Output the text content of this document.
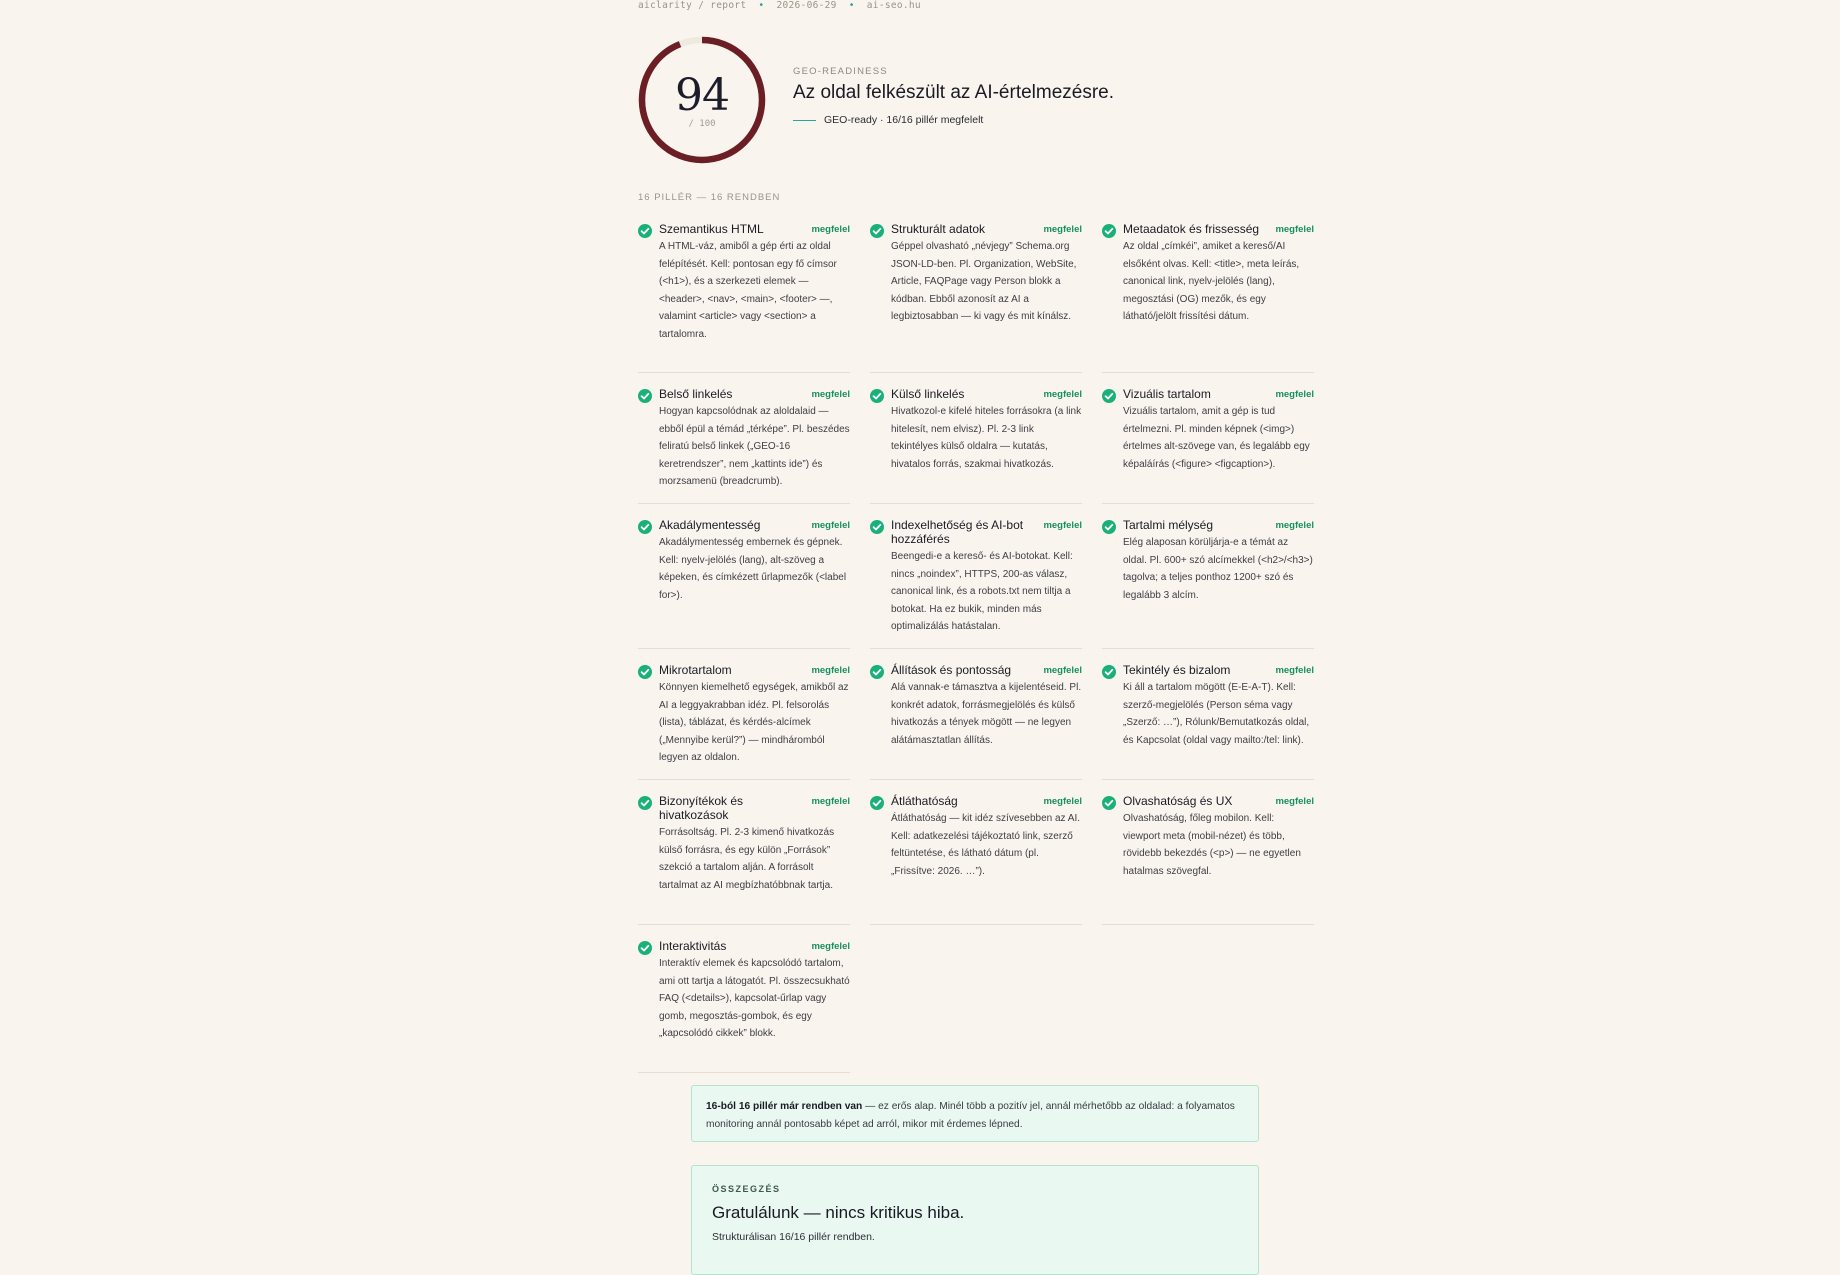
aiclarity / report • 2026-06-29 • ai-seo.hu
94
/ 100
GEO-READINESS
Az oldal felkészült az AI-értelmezésre.
GEO-ready · 16/16 pillér megfelelt
16 PILLÉR — 16 RENDBEN
Szemantikus HTML	megfelel
A HTML-váz, amiből a gép érti az oldal felépítését. Kell: pontosan egy fő címsor (<h1>), és a szerkezeti elemek — <header>, <nav>, <main>, <footer> —, valamint <article> vagy <section> a tartalomra.
Strukturált adatok	megfelel
Géppel olvasható „névjegy” Schema.org JSON-LD-ben. Pl. Organization, WebSite, Article, FAQPage vagy Person blokk a kódban. Ebből azonosít az AI a legbiztosabban — ki vagy és mit kínálsz.
Metaadatok és frissesség	megfelel
Az oldal „címkéi”, amiket a kereső/AI elsőként olvas. Kell: <title>, meta leírás, canonical link, nyelv-jelölés (lang), megosztási (OG) mezők, és egy látható/jelölt frissítési dátum.
Belső linkelés	megfelel
Hogyan kapcsolódnak az aloldalaid — ebből épül a témád „térképe”. Pl. beszédes feliratú belső linkek („GEO-16 keretrendszer”, nem „kattints ide”) és morzsamenü (breadcrumb).
Külső linkelés	megfelel
Hivatkozol-e kifelé hiteles forrásokra (a link hitelesít, nem elvisz). Pl. 2-3 link tekintélyes külső oldalra — kutatás, hivatalos forrás, szakmai hivatkozás.
Vizuális tartalom	megfelel
Vizuális tartalom, amit a gép is tud értelmezni. Pl. minden képnek (<img>) értelmes alt-szövege van, és legalább egy képaláírás (<figure> <figcaption>).
Akadálymentesség	megfelel
Akadálymentesség embernek és gépnek. Kell: nyelv-jelölés (lang), alt-szöveg a képeken, és címkézett űrlapmezők (<label for>).
Indexelhetőség és AI-bot hozzáférés
megfelel
Beengedi-e a kereső- és AI-botokat. Kell: nincs „noindex”, HTTPS, 200-as válasz, canonical link, és a robots.txt nem tiltja a botokat. Ha ez bukik, minden más optimalizálás hatástalan.
Tartalmi mélység	megfelel
Elég alaposan körüljárja-e a témát az oldal. Pl. 600+ szó alcímekkel (<h2>/<h3>) tagolva; a teljes ponthoz 1200+ szó és legalább 3 alcím.
Mikrotartalom	megfelel
Könnyen kiemelhető egységek, amikből az AI a leggyakrabban idéz. Pl. felsorolás (lista), táblázat, és kérdés-alcímek („Mennyibe kerül?”) — mindháromból legyen az oldalon.
Állítások és pontosság	megfelel
Alá vannak-e támasztva a kijelentéseid. Pl. konkrét adatok, forrásmegjelölés és külső hivatkozás a tények mögött — ne legyen alátámasztatlan állítás.
Tekintély és bizalom	megfelel
Ki áll a tartalom mögött (E-E-A-T). Kell: szerző-megjelölés (Person séma vagy „Szerző: …”), Rólunk/Bemutatkozás oldal, és Kapcsolat (oldal vagy mailto:/tel: link).
Bizonyítékok és hivatkozások
megfelel
Forrásoltság. Pl. 2-3 kimenő hivatkozás külső forrásra, és egy külön „Források” szekció a tartalom alján. A forrásolt tartalmat az AI megbízhatóbbnak tartja.
Átláthatóság	megfelel
Átláthatóság — kit idéz szívesebben az AI. Kell: adatkezelési tájékoztató link, szerző feltüntetése, és látható dátum (pl. „Frissítve: 2026. …”).
Olvashatóság és UX	megfelel
Olvashatóság, főleg mobilon. Kell: viewport meta (mobil-nézet) és több, rövidebb bekezdés (<p>) — ne egyetlen hatalmas szövegfal.
Interaktivitás	megfelel
Interaktív elemek és kapcsolódó tartalom, ami ott tartja a látogatót. Pl. összecsukható FAQ (<details>), kapcsolat-űrlap vagy gomb, megosztás-gombok, és egy „kapcsolódó cikkek” blokk.
16-ból 16 pillér már rendben van — ez erős alap. Minél több a pozitív jel, annál mérhetőbb az oldalad: a folyamatos monitoring annál pontosabb képet ad arról, mikor mit érdemes lépned.
ÖSSZEGZÉS
Gratulálunk — nincs kritikus hiba.
Strukturálisan 16/16 pillér rendben.
